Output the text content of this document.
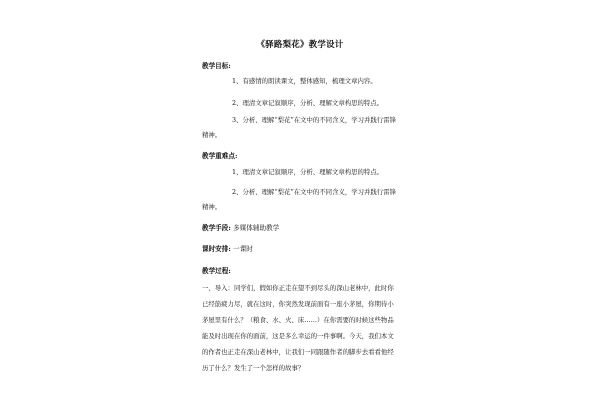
《驿路梨花》教学设计
教学目标:
1、有感情的朗读课文，整体感知，梳理文章内容。
2、理清文章记叙顺序，分析、理解文章构思的特点。
3、分析、理解“梨花”在文中的不同含义，学习并践行雷锋精神。
教学重难点:
1、理清文章记叙顺序，分析、理解文章构思的特点。
2、分析、理解“梨花”在文中的不同含义，学习并践行雷锋精神。
教学手段: 多媒体辅助教学
课时安排: 一课时
教学过程:
一、导入：同学们，假如你正走在望不到尽头的深山老林中，此时你已经筋疲力尽，就在这时，你突然发现前面有一座小茅屋，你期待小茅屋里有什么？（粮食、水、火、床……）在你需要的时候这些物品能及时出现在你的面前，这是多么幸运的一件事啊。今天，我们本文的作者也正走在深山老林中，让我们一同跟随作者的脚步去看看他经历了什么？发生了一个怎样的故事？
